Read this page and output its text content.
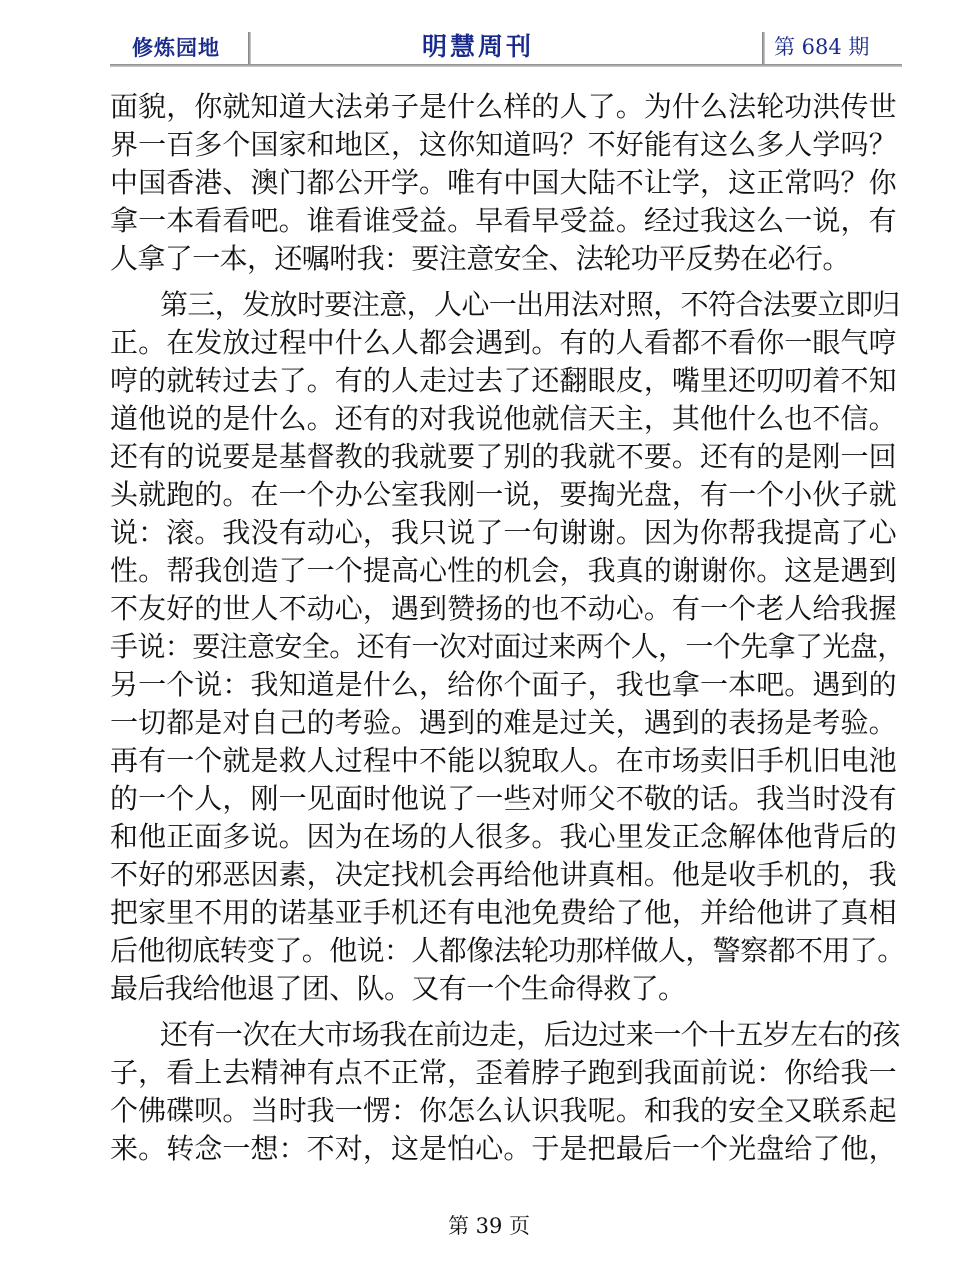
修炼园地	明慧周刊	第 684 期
面貌，你就知道大法弟子是什么样的人了。为什么法轮功洪传世
界一百多个国家和地区，这你知道吗？不好能有这么多人学吗？
中国香港、澳门都公开学。唯有中国大陆不让学，这正常吗？你
拿一本看看吧。谁看谁受益。早看早受益。经过我这么一说，有
人拿了一本，还嘱咐我：要注意安全、法轮功平反势在必行。
第三，发放时要注意，人心一出用法对照，不符合法要立即归
正。在发放过程中什么人都会遇到。有的人看都不看你一眼气哼
哼的就转过去了。有的人走过去了还翻眼皮，嘴里还叨叨着不知
道他说的是什么。还有的对我说他就信天主，其他什么也不信。
还有的说要是基督教的我就要了别的我就不要。还有的是刚一回
头就跑的。在一个办公室我刚一说，要掏光盘，有一个小伙子就
说：滚。我没有动心，我只说了一句谢谢。因为你帮我提高了心
性。帮我创造了一个提高心性的机会，我真的谢谢你。这是遇到
不友好的世人不动心，遇到赞扬的也不动心。有一个老人给我握
手说：要注意安全。还有一次对面过来两个人，一个先拿了光盘，
另一个说：我知道是什么，给你个面子，我也拿一本吧。遇到的
一切都是对自己的考验。遇到的难是过关，遇到的表扬是考验。
再有一个就是救人过程中不能以貌取人。在市场卖旧手机旧电池
的一个人，刚一见面时他说了一些对师父不敬的话。我当时没有
和他正面多说。因为在场的人很多。我心里发正念解体他背后的
不好的邪恶因素，决定找机会再给他讲真相。他是收手机的，我
把家里不用的诺基亚手机还有电池免费给了他，并给他讲了真相
后他彻底转变了。他说：人都像法轮功那样做人，警察都不用了。
最后我给他退了团、队。又有一个生命得救了。
还有一次在大市场我在前边走，后边过来一个十五岁左右的孩
子，看上去精神有点不正常，歪着脖子跑到我面前说：你给我一
个佛碟呗。当时我一愣：你怎么认识我呢。和我的安全又联系起
来。转念一想：不对，这是怕心。于是把最后一个光盘给了他，
第 39 页
